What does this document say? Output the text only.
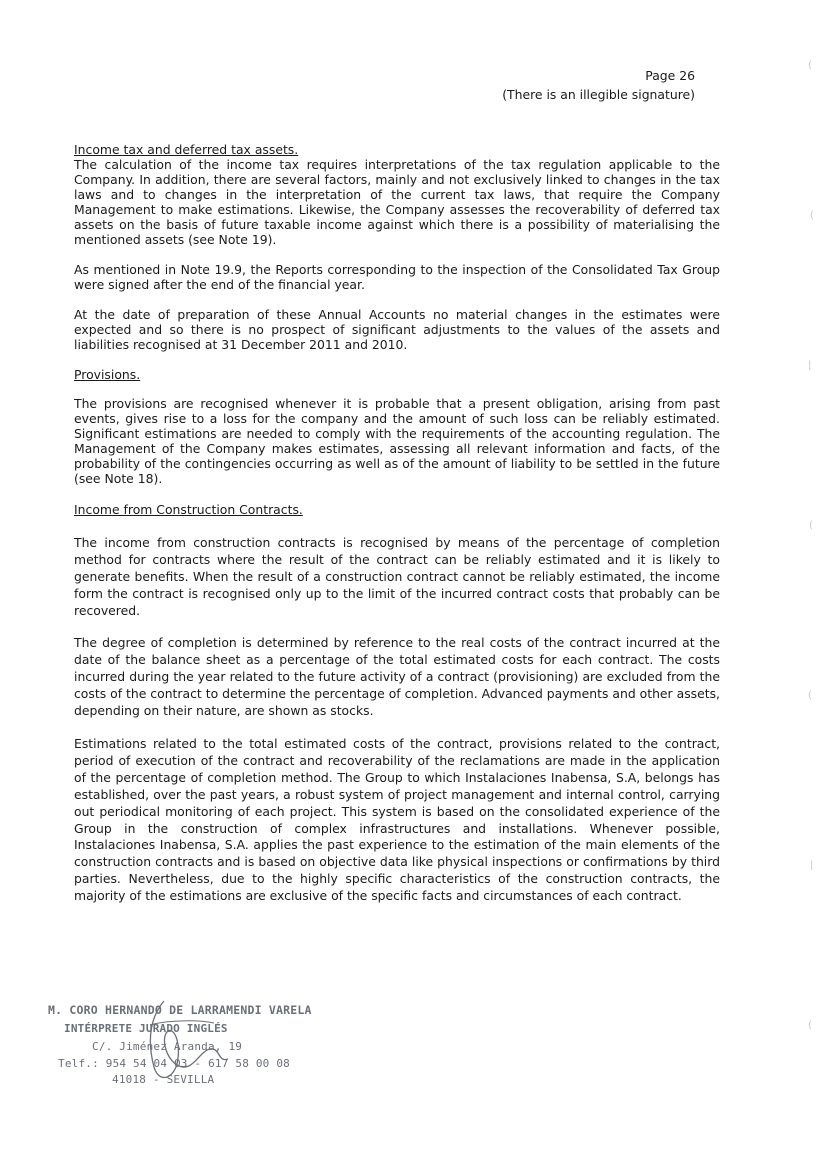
Page 26
(There is an illegible signature)

Income tax and deferred tax assets.

The calculation of the income tax requires interpretations of the tax regulation applicable to the Company. In addition, there are several factors, mainly and not exclusively linked to changes in the tax laws and to changes in the interpretation of the current tax laws, that require the Company Management to make estimations. Likewise, the Company assesses the recoverability of deferred tax assets on the basis of future taxable income against which there is a possibility of materialising the mentioned assets (see Note 19).

As mentioned in Note 19.9, the Reports corresponding to the inspection of the Consolidated Tax Group were signed after the end of the financial year.

At the date of preparation of these Annual Accounts no material changes in the estimates were expected and so there is no prospect of significant adjustments to the values of the assets and liabilities recognised at 31 December 2011 and 2010.

Provisions.

The provisions are recognised whenever it is probable that a present obligation, arising from past events, gives rise to a loss for the company and the amount of such loss can be reliably estimated. Significant estimations are needed to comply with the requirements of the accounting regulation. The Management of the Company makes estimates, assessing all relevant information and facts, of the probability of the contingencies occurring as well as of the amount of liability to be settled in the future (see Note 18).

Income from Construction Contracts.

The income from construction contracts is recognised by means of the percentage of completion method for contracts where the result of the contract can be reliably estimated and it is likely to generate benefits. When the result of a construction contract cannot be reliably estimated, the income form the contract is recognised only up to the limit of the incurred contract costs that probably can be recovered.

The degree of completion is determined by reference to the real costs of the contract incurred at the date of the balance sheet as a percentage of the total estimated costs for each contract. The costs incurred during the year related to the future activity of a contract (provisioning) are excluded from the costs of the contract to determine the percentage of completion. Advanced payments and other assets, depending on their nature, are shown as stocks.

Estimations related to the total estimated costs of the contract, provisions related to the contract, period of execution of the contract and recoverability of the reclamations are made in the application of the percentage of completion method. The Group to which Instalaciones Inabensa, S.A, belongs has established, over the past years, a robust system of project management and internal control, carrying out periodical monitoring of each project. This system is based on the consolidated experience of the Group in the construction of complex infrastructures and installations. Whenever possible, Instalaciones Inabensa, S.A. applies the past experience to the estimation of the main elements of the construction contracts and is based on objective data like physical inspections or confirmations by third parties. Nevertheless, due to the highly specific characteristics of the construction contracts, the majority of the estimations are exclusive of the specific facts and circumstances of each contract.

M. CORO HERNANDO DE LARRAMENDI VARELA
INTÉRPRETE JURADO INGLÉS
C/. Jiménez Aranda, 19
Telf.: 954 54 04 03 - 617 58 00 08
41018 - SEVILLA
(
(
|
(
(
|
(
